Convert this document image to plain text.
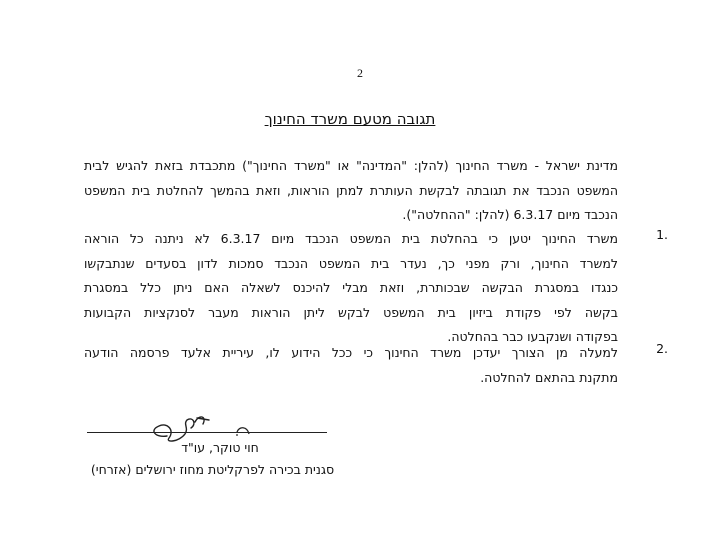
2
תגובה מטעם משרד החינוך
מדינת ישראל - משרד החינוך (להלן: "המדינה" או "משרד החינוך") מתכבדת בזאת להגיש לבית
המשפט הנכבד את תגובתה לבקשת העותרת למתן הוראות, וזאת בהמשך להחלטת בית המשפט
הנכבד מיום 6.3.17 (להלן: "ההחלטה").
1.
משרד החינוך יטען כי בהחלטת בית המשפט הנכבד מיום 6.3.17 לא ניתנה כל הוראה
למשרד החינוך, ורק מפני כך, נעדר בית המשפט הנכבד סמכות לדון בסעדים שנתבקשו
כנגדו במסגרת הבקשה שבכותרת, וזאת מבלי להיכנס לשאלה האם ניתן כלל במסגרת
בקשה לפי פקודת ביזיון בית המשפט לבקש ליתן הוראות מעבר לסנקציות הקבועות
בפקודה ושנקבעו כבר בהחלטה.
2.
למעלה מן הצורך יעדכן משרד החינוך כי ככל הידוע לו, עיריית אלעד פרסמה הודעה
מתקנת בהתאם להחלטה.
חוי טוקר, עו"ד
סגנית בכירה לפרקליטת מחוז ירושלים (אזרחי)
